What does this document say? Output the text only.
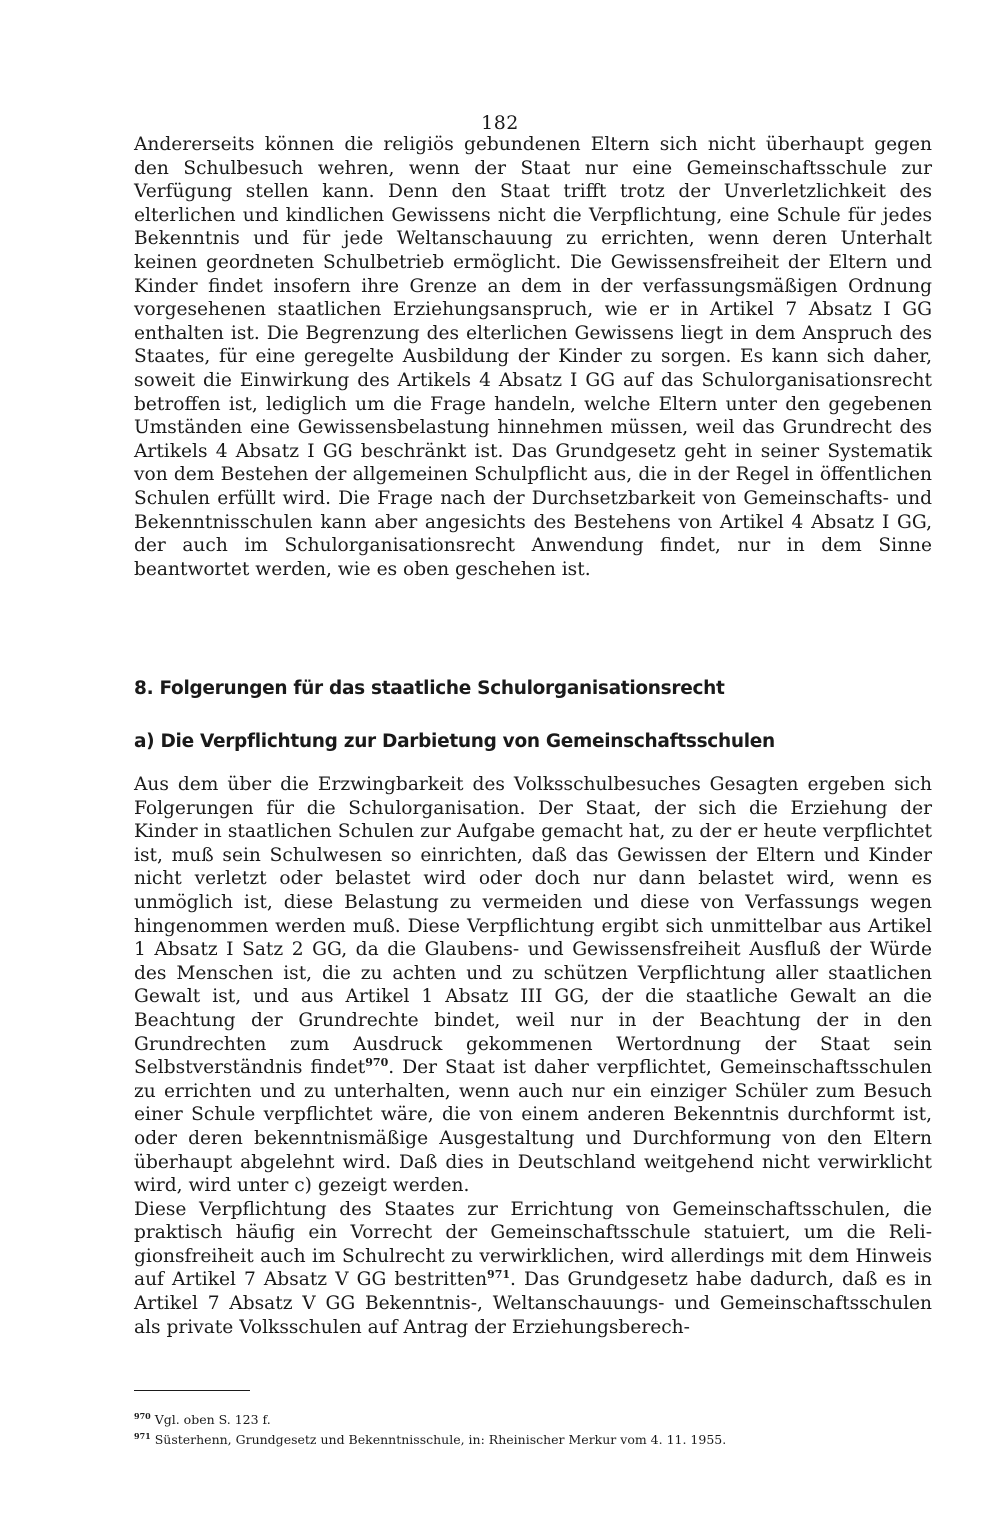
182

Andererseits können die religiös gebundenen Eltern sich nicht überhaupt gegen den Schulbesuch wehren, wenn der Staat nur eine Gemeinschaftsschule zur Verfügung stellen kann. Denn den Staat trifft trotz der Unverletzlichkeit des elterlichen und kindlichen Gewissens nicht die Verpflichtung, eine Schule für jedes Bekenntnis und für jede Weltanschauung zu errichten, wenn deren Unterhalt keinen geordneten Schulbetrieb ermöglicht. Die Gewissensfreiheit der Eltern und Kinder findet insofern ihre Grenze an dem in der verfassungsmäßigen Ordnung vorgesehenen staatlichen Erziehungsanspruch, wie er in Artikel 7 Absatz I GG enthalten ist. Die Begrenzung des elterlichen Gewissens liegt in dem Anspruch des Staates, für eine geregelte Ausbildung der Kinder zu sorgen. Es kann sich daher, soweit die Einwirkung des Artikels 4 Absatz I GG auf das Schulorganisationsrecht betroffen ist, lediglich um die Frage handeln, welche Eltern unter den gegebenen Umständen eine Gewissensbelastung hinnehmen müssen, weil das Grundrecht des Artikels 4 Absatz I GG beschränkt ist. Das Grundgesetz geht in seiner Systematik von dem Bestehen der allgemeinen Schulpflicht aus, die in der Regel in öffentlichen Schulen erfüllt wird. Die Frage nach der Durchsetzbarkeit von Gemeinschafts- und Bekenntnisschulen kann aber angesichts des Bestehens von Artikel 4 Absatz I GG, der auch im Schulorganisationsrecht Anwendung findet, nur in dem Sinne beantwortet werden, wie es oben geschehen ist.

8. Folgerungen für das staatliche Schulorganisationsrecht
a) Die Verpflichtung zur Darbietung von Gemeinschaftsschulen

Aus dem über die Erzwingbarkeit des Volksschulbesuches Gesagten ergeben sich Folgerungen für die Schulorganisation. Der Staat, der sich die Erziehung der Kinder in staatlichen Schulen zur Aufgabe gemacht hat, zu der er heute verpflichtet ist, muß sein Schulwesen so einrichten, daß das Gewissen der Eltern und Kinder nicht verletzt oder belastet wird oder doch nur dann belastet wird, wenn es unmöglich ist, diese Belastung zu vermeiden und diese von Verfassungs wegen hingenommen werden muß. Diese Verpflichtung ergibt sich unmittelbar aus Artikel 1 Absatz I Satz 2 GG, da die Glaubens- und Gewissensfreiheit Ausfluß der Würde des Menschen ist, die zu achten und zu schützen Verpflichtung aller staatlichen Gewalt ist, und aus Artikel 1 Absatz III GG, der die staatliche Gewalt an die Beachtung der Grundrechte bindet, weil nur in der Beachtung der in den Grundrechten zum Ausdruck gekommenen Wertordnung der Staat sein Selbstverständnis findet$^{970}$. Der Staat ist daher verpflichtet, Gemeinschaftsschulen zu errichten und zu unterhalten, wenn auch nur ein einziger Schüler zum Besuch einer Schule verpflichtet wäre, die von einem anderen Bekenntnis durchformt ist, oder deren bekenntnismäßige Ausgestaltung und Durchformung von den Eltern überhaupt abgelehnt wird. Daß dies in Deutschland weitgehend nicht verwirklicht wird, wird unter c) gezeigt werden.

Diese Verpflichtung des Staates zur Errichtung von Gemeinschaftsschulen, die praktisch häufig ein Vorrecht der Gemeinschaftsschule statuiert, um die Religionsfreiheit auch im Schulrecht zu verwirklichen, wird allerdings mit dem Hinweis auf Artikel 7 Absatz V GG bestritten$^{971}$. Das Grundgesetz habe dadurch, daß es in Artikel 7 Absatz V GG Bekenntnis-, Weltanschauungs- und Gemeinschaftsschulen als private Volksschulen auf Antrag der Erziehungsberech-

$^{970}$ Vgl. oben S. 123 f.

$^{971}$ Süsterhenn, Grundgesetz und Bekenntnisschule, in: Rheinischer Merkur vom 4. 11. 1955.
